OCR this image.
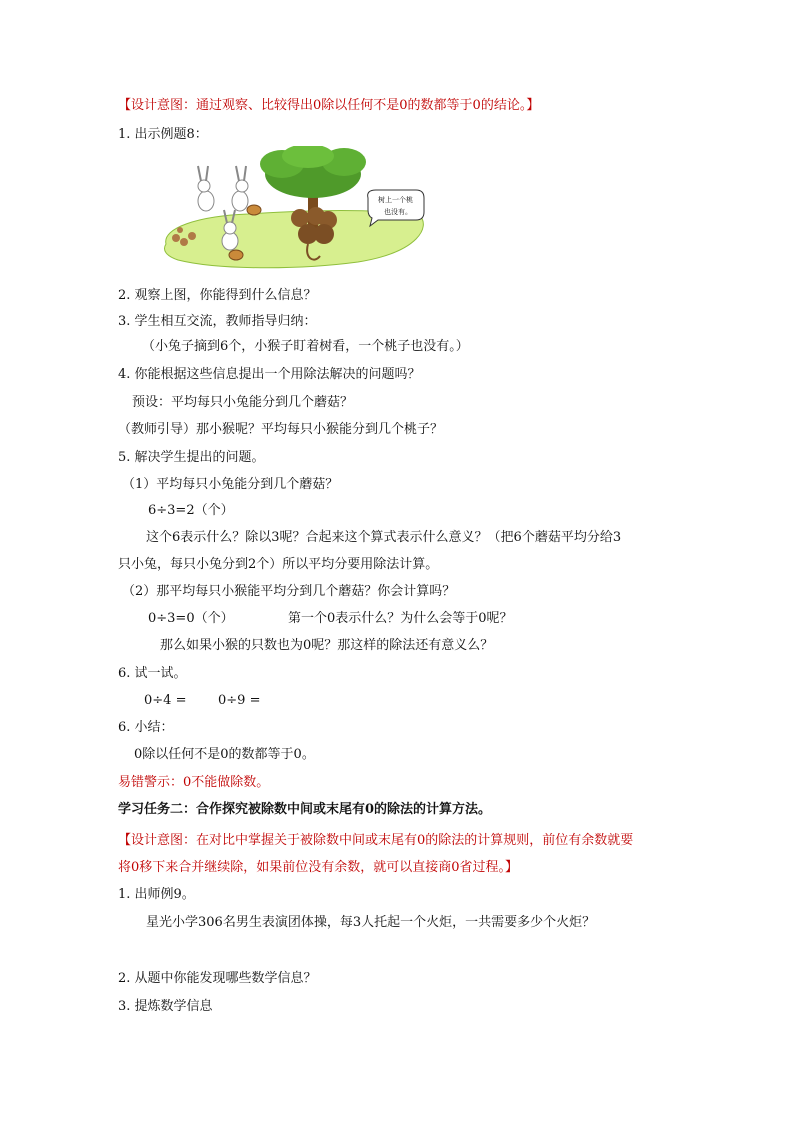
【设计意图：通过观察、比较得出0除以任何不是0的数都等于0的结论。】
1. 出示例题8：
树上一个桃
也没有。
2. 观察上图，你能得到什么信息？
3. 学生相互交流，教师指导归纳：
（小兔子摘到6个，小猴子盯着树看，一个桃子也没有。）
4. 你能根据这些信息提出一个用除法解决的问题吗？
预设：平均每只小兔能分到几个蘑菇？
（教师引导）那小猴呢？平均每只小猴能分到几个桃子？
5. 解决学生提出的问题。
（1）平均每只小兔能分到几个蘑菇？
6÷3=2（个）
这个6表示什么？除以3呢？合起来这个算式表示什么意义？（把6个蘑菇平均分给3
只小兔，每只小兔分到2个）所以平均分要用除法计算。
（2）那平均每只小猴能平均分到几个蘑菇？你会计算吗？
0÷3=0（个）	第一个0表示什么？为什么会等于0呢？
那么如果小猴的只数也为0呢？那这样的除法还有意义么？
6. 试一试。
0÷4 = 0÷9 =
6. 小结：
0除以任何不是0的数都等于0。
易错警示：0不能做除数。
学习任务二：合作探究被除数中间或末尾有0的除法的计算方法。
【设计意图：在对比中掌握关于被除数中间或末尾有0的除法的计算规则，前位有余数就要
将0移下来合并继续除，如果前位没有余数，就可以直接商0省过程。】
1. 出师例9。
星光小学306名男生表演团体操，每3人托起一个火炬，一共需要多少个火炬？
2. 从题中你能发现哪些数学信息？
3. 提炼数学信息
